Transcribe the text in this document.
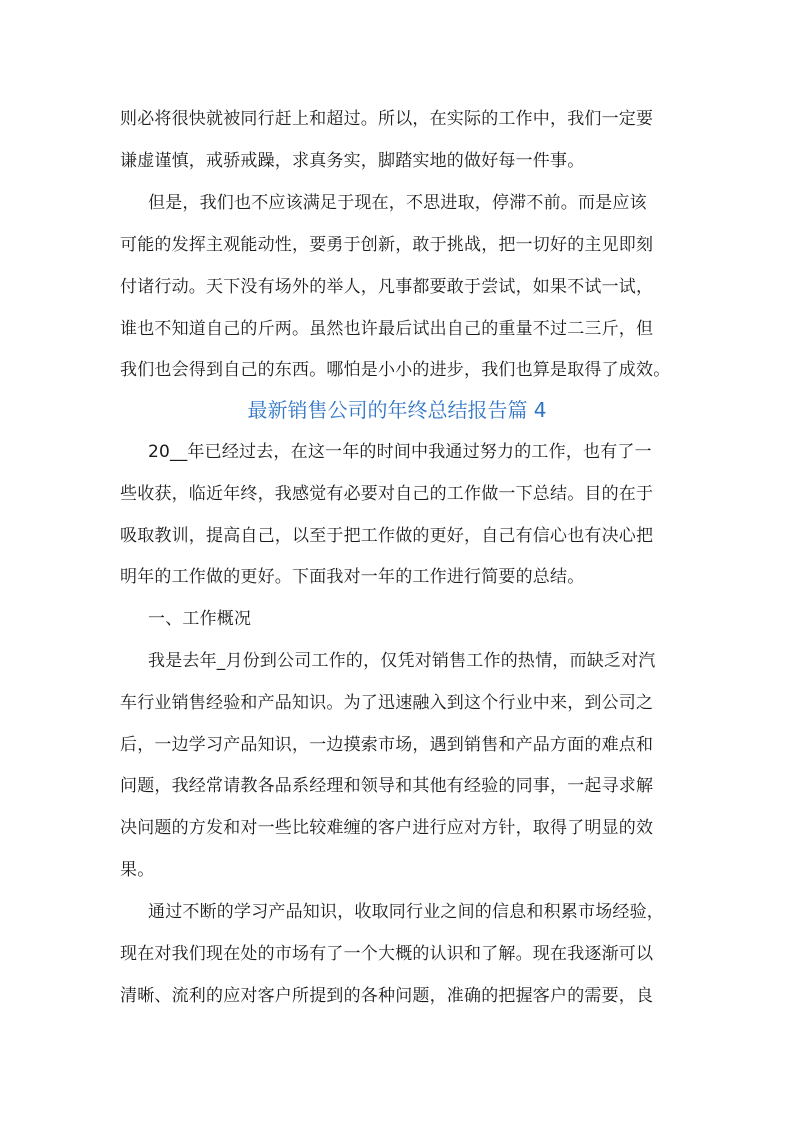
则必将很快就被同行赶上和超过。所以，在实际的工作中，我们一定要
谦虚谨慎，戒骄戒躁，求真务实，脚踏实地的做好每一件事。
但是，我们也不应该满足于现在，不思进取，停滞不前。而是应该
可能的发挥主观能动性，要勇于创新，敢于挑战，把一切好的主见即刻
付诸行动。天下没有场外的举人，凡事都要敢于尝试，如果不试一试，
谁也不知道自己的斤两。虽然也许最后试出自己的重量不过二三斤，但
我们也会得到自己的东西。哪怕是小小的进步，我们也算是取得了成效。
最新销售公司的年终总结报告篇 4
20__年已经过去，在这一年的时间中我通过努力的工作，也有了一
些收获，临近年终，我感觉有必要对自己的工作做一下总结。目的在于
吸取教训，提高自己，以至于把工作做的更好，自己有信心也有决心把
明年的工作做的更好。下面我对一年的工作进行简要的总结。
一、工作概况
我是去年_月份到公司工作的，仅凭对销售工作的热情，而缺乏对汽
车行业销售经验和产品知识。为了迅速融入到这个行业中来，到公司之
后，一边学习产品知识，一边摸索市场，遇到销售和产品方面的难点和
问题，我经常请教各品系经理和领导和其他有经验的同事，一起寻求解
决问题的方发和对一些比较难缠的客户进行应对方针，取得了明显的效
果。
通过不断的学习产品知识，收取同行业之间的信息和积累市场经验，
现在对我们现在处的市场有了一个大概的认识和了解。现在我逐渐可以
清晰、流利的应对客户所提到的各种问题，准确的把握客户的需要，良
